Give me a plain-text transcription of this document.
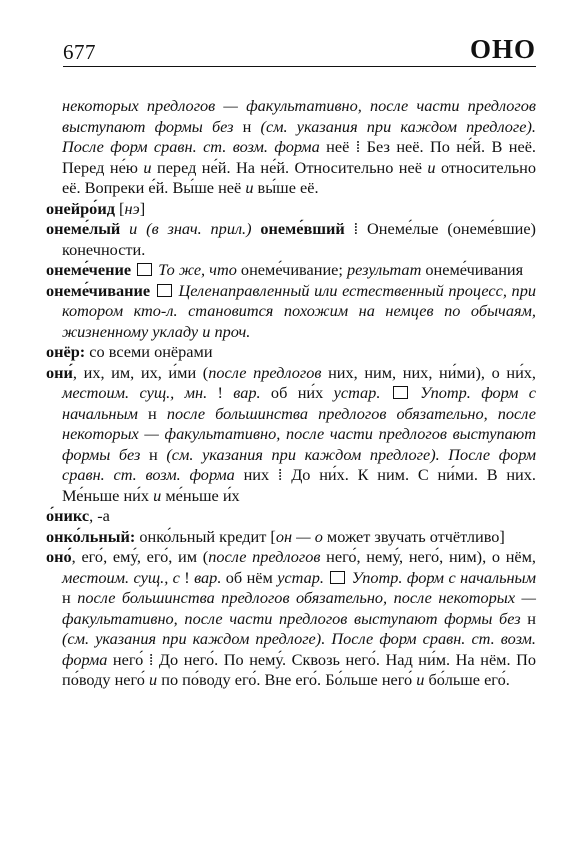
677	ОНО

некоторых предлогов — факультативно, после части предлогов выступают формы без н (см. указания при каждом предлоге). После форм сравн. ст. возм. форма неё ⁞ Без неё. По не́й. В неё. Перед не́ю и перед не́й. На не́й. Относительно неё и относительно её. Вопреки е́й. Вы́ше неё и вы́ше её.

онейро́ид [нэ]

онеме́лый и (в знач. прил.) онеме́вший ⁞ Онеме́лые (онеме́вшие) конечности.

онеме́чение  То же, что онеме́чивание; результат онеме́чивания

онеме́чивание  Целенаправленный или естественный процесс, при котором кто-л. становится похожим на немцев по обычаям, жизненному укладу и проч.

онёр: со всеми онёрами

они́, их, им, их, и́ми (после предлогов них, ним, них, ни́ми), о ни́х, местоим. сущ., мн. ! вар. об ни́х устар.  Употр. форм с начальным н после большинства предлогов обязательно, после некоторых — факультативно, после части предлогов выступают формы без н (см. указания при каждом предлоге). После форм сравн. ст. возм. форма них ⁞ До ни́х. К ним. С ни́ми. В них. Ме́ньше ни́х и ме́ньше и́х

о́никс, -а

онко́льный: онко́льный кредит [он — о может звучать отчётливо]

оно́, его́, ему́, его́, им (после предлогов него́, нему́, него́, ним), о нём, местоим. сущ., с ! вар. об нём устар.  Употр. форм с начальным н после большинства предлогов обязательно, после некоторых — факультативно, после части предлогов выступают формы без н (см. указания при каждом предлоге). После форм сравн. ст. возм. форма него́ ⁞ До него́. По нему́. Сквозь него́. Над ни́м. На нём. По по́воду него́ и по по́воду его́. Вне его́. Бо́льше него́ и бо́льше его́.
